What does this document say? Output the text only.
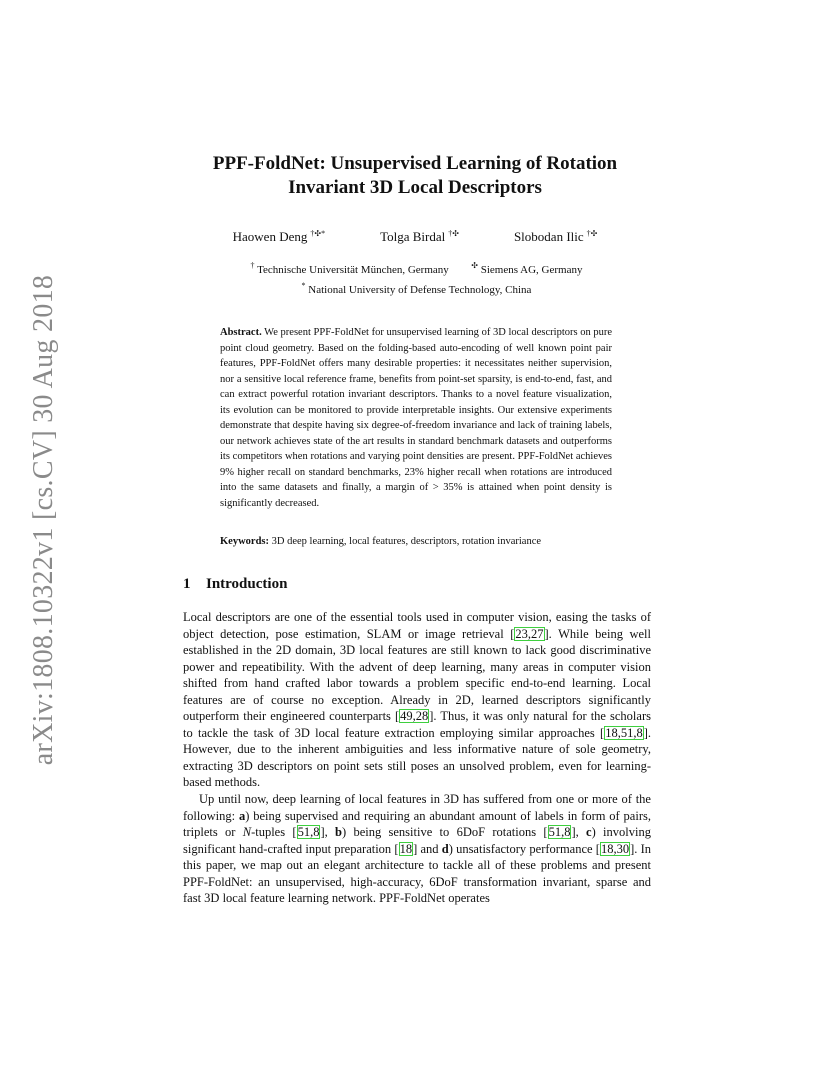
arXiv:1808.10322v1 [cs.CV] 30 Aug 2018
PPF-FoldNet: Unsupervised Learning of Rotation
Invariant 3D Local Descriptors
Haowen Deng †✣*	Tolga Birdal †✣	Slobodan Ilic †✣
† Technische Universität München, Germany	✣ Siemens AG, Germany
* National University of Defense Technology, China
Abstract. We present PPF-FoldNet for unsupervised learning of 3D local descriptors on pure point cloud geometry. Based on the folding-based auto-encoding of well known point pair features, PPF-FoldNet offers many desirable properties: it necessitates neither supervision, nor a sensitive local reference frame, benefits from point-set sparsity, is end-to-end, fast, and can extract powerful rotation invariant descriptors. Thanks to a novel feature visualization, its evolution can be monitored to provide interpretable insights. Our extensive experiments demonstrate that despite having six degree-of-freedom invariance and lack of training labels, our network achieves state of the art results in standard benchmark datasets and outperforms its competitors when rotations and varying point densities are present. PPF-FoldNet achieves 9% higher recall on standard benchmarks, 23% higher recall when rotations are introduced into the same datasets and finally, a margin of > 35% is attained when point density is significantly decreased.
Keywords: 3D deep learning, local features, descriptors, rotation invariance
1 Introduction

Local descriptors are one of the essential tools used in computer vision, easing the tasks of object detection, pose estimation, SLAM or image retrieval [23,27]. While being well established in the 2D domain, 3D local features are still known to lack good discriminative power and repeatibility. With the advent of deep learning, many areas in computer vision shifted from hand crafted labor towards a problem specific end-to-end learning. Local features are of course no exception. Already in 2D, learned descriptors significantly outperform their engineered counterparts [49,28]. Thus, it was only natural for the scholars to tackle the task of 3D local feature extraction employing similar approaches [18,51,8]. However, due to the inherent ambiguities and less informative nature of sole geometry, extracting 3D descriptors on point sets still poses an unsolved problem, even for learning-based methods.

Up until now, deep learning of local features in 3D has suffered from one or more of the following: a) being supervised and requiring an abundant amount of labels in form of pairs, triplets or N-tuples [51,8], b) being sensitive to 6DoF rotations [51,8], c) involving significant hand-crafted input preparation [18] and d) unsatisfactory performance [18,30]. In this paper, we map out an elegant architecture to tackle all of these problems and present PPF-FoldNet: an unsupervised, high-accuracy, 6DoF transformation invariant, sparse and fast 3D local feature learning network. PPF-FoldNet operates
